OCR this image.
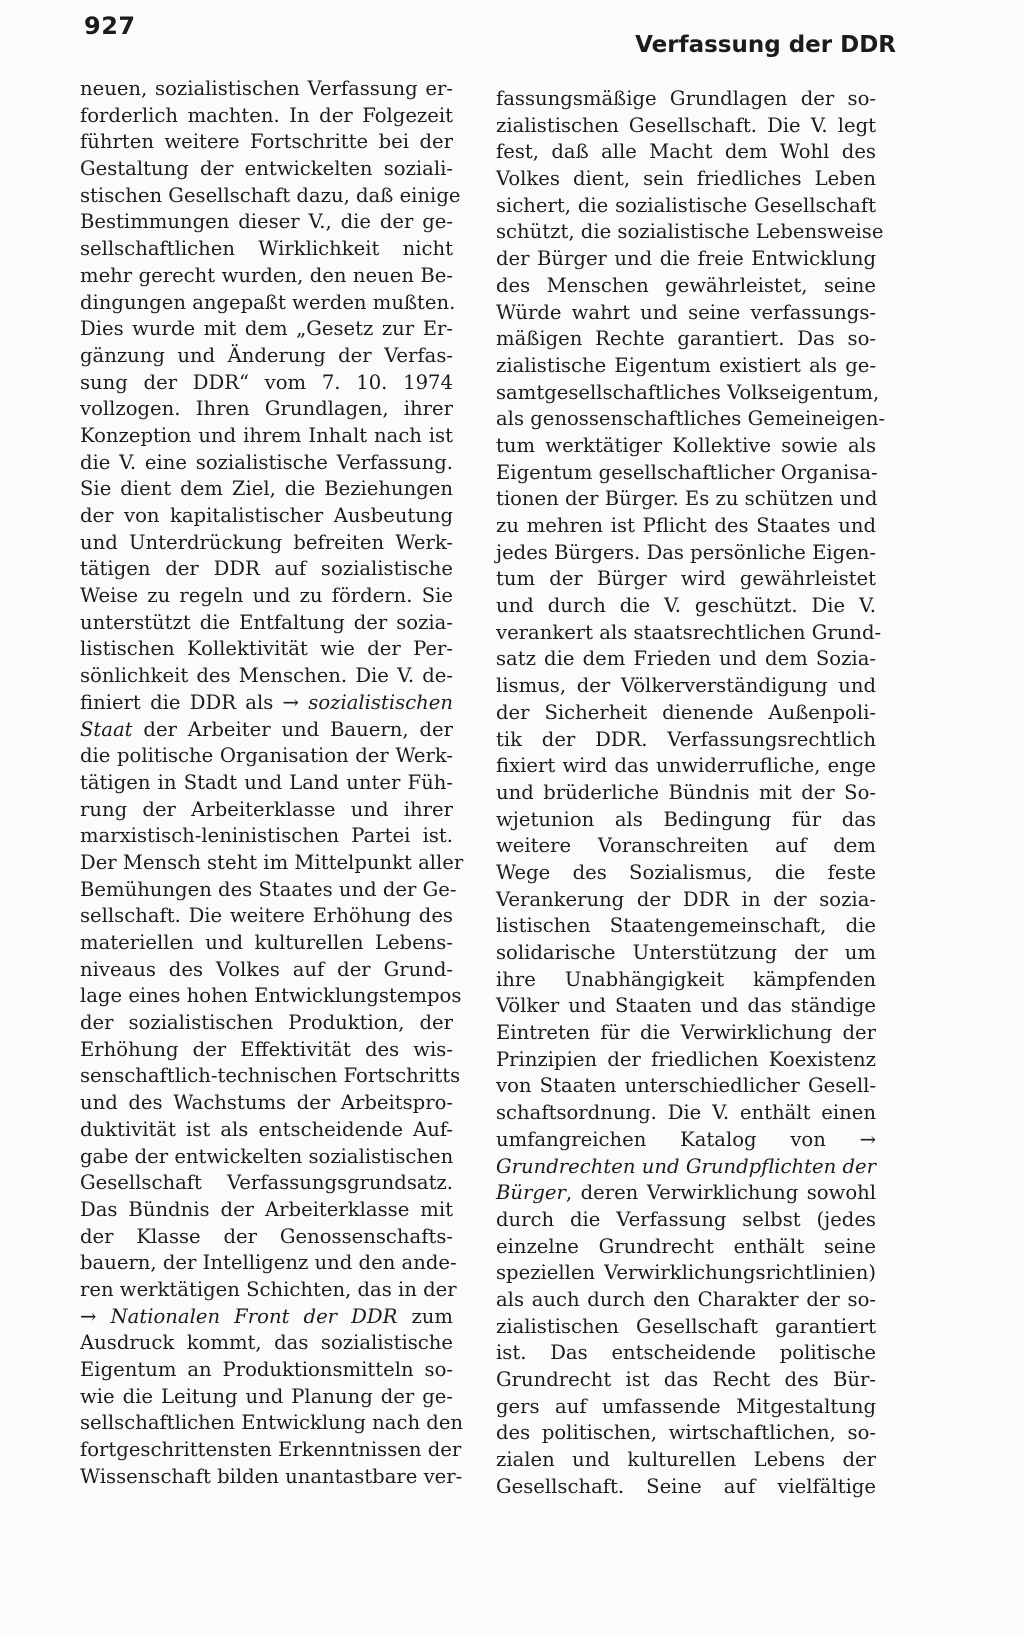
927
Verfassung der DDR
neuen, sozialistischen Verfassung er-
forderlich machten. In der Folgezeit
führten weitere Fortschritte bei der
Gestaltung der entwickelten soziali-
stischen Gesellschaft dazu, daß einige
Bestimmungen dieser V., die der ge-
sellschaftlichen Wirklichkeit nicht
mehr gerecht wurden, den neuen Be-
dingungen angepaßt werden mußten.
Dies wurde mit dem „Gesetz zur Er-
gänzung und Änderung der Verfas-
sung der DDR“ vom 7. 10. 1974
vollzogen. Ihren Grundlagen, ihrer
Konzeption und ihrem Inhalt nach ist
die V. eine sozialistische Verfassung.
Sie dient dem Ziel, die Beziehungen
der von kapitalistischer Ausbeutung
und Unterdrückung befreiten Werk-
tätigen der DDR auf sozialistische
Weise zu regeln und zu fördern. Sie
unterstützt die Entfaltung der sozia-
listischen Kollektivität wie der Per-
sönlichkeit des Menschen. Die V. de-
finiert die DDR als → sozialistischen
Staat der Arbeiter und Bauern, der
die politische Organisation der Werk-
tätigen in Stadt und Land unter Füh-
rung der Arbeiterklasse und ihrer
marxistisch-leninistischen Partei ist.
Der Mensch steht im Mittelpunkt aller
Bemühungen des Staates und der Ge-
sellschaft. Die weitere Erhöhung des
materiellen und kulturellen Lebens-
niveaus des Volkes auf der Grund-
lage eines hohen Entwicklungstempos
der sozialistischen Produktion, der
Erhöhung der Effektivität des wis-
senschaftlich-technischen Fortschritts
und des Wachstums der Arbeitspro-
duktivität ist als entscheidende Auf-
gabe der entwickelten sozialistischen
Gesellschaft Verfassungsgrundsatz.
Das Bündnis der Arbeiterklasse mit
der Klasse der Genossenschafts-
bauern, der Intelligenz und den ande-
ren werktätigen Schichten, das in der
→ Nationalen Front der DDR zum
Ausdruck kommt, das sozialistische
Eigentum an Produktionsmitteln so-
wie die Leitung und Planung der ge-
sellschaftlichen Entwicklung nach den
fortgeschrittensten Erkenntnissen der
Wissenschaft bilden unantastbare ver-
fassungsmäßige Grundlagen der so-
zialistischen Gesellschaft. Die V. legt
fest, daß alle Macht dem Wohl des
Volkes dient, sein friedliches Leben
sichert, die sozialistische Gesellschaft
schützt, die sozialistische Lebensweise
der Bürger und die freie Entwicklung
des Menschen gewährleistet, seine
Würde wahrt und seine verfassungs-
mäßigen Rechte garantiert. Das so-
zialistische Eigentum existiert als ge-
samtgesellschaftliches Volkseigentum,
als genossenschaftliches Gemeineigen-
tum werktätiger Kollektive sowie als
Eigentum gesellschaftlicher Organisa-
tionen der Bürger. Es zu schützen und
zu mehren ist Pflicht des Staates und
jedes Bürgers. Das persönliche Eigen-
tum der Bürger wird gewährleistet
und durch die V. geschützt. Die V.
verankert als staatsrechtlichen Grund-
satz die dem Frieden und dem Sozia-
lismus, der Völkerverständigung und
der Sicherheit dienende Außenpoli-
tik der DDR. Verfassungsrechtlich
fixiert wird das unwiderrufliche, enge
und brüderliche Bündnis mit der So-
wjetunion als Bedingung für das
weitere Voranschreiten auf dem
Wege des Sozialismus, die feste
Verankerung der DDR in der sozia-
listischen Staatengemeinschaft, die
solidarische Unterstützung der um
ihre Unabhängigkeit kämpfenden
Völker und Staaten und das ständige
Eintreten für die Verwirklichung der
Prinzipien der friedlichen Koexistenz
von Staaten unterschiedlicher Gesell-
schaftsordnung. Die V. enthält einen
umfangreichen Katalog von →
Grundrechten und Grundpflichten der
Bürger, deren Verwirklichung sowohl
durch die Verfassung selbst (jedes
einzelne Grundrecht enthält seine
speziellen Verwirklichungsrichtlinien)
als auch durch den Charakter der so-
zialistischen Gesellschaft garantiert
ist. Das entscheidende politische
Grundrecht ist das Recht des Bür-
gers auf umfassende Mitgestaltung
des politischen, wirtschaftlichen, so-
zialen und kulturellen Lebens der
Gesellschaft. Seine auf vielfältige
